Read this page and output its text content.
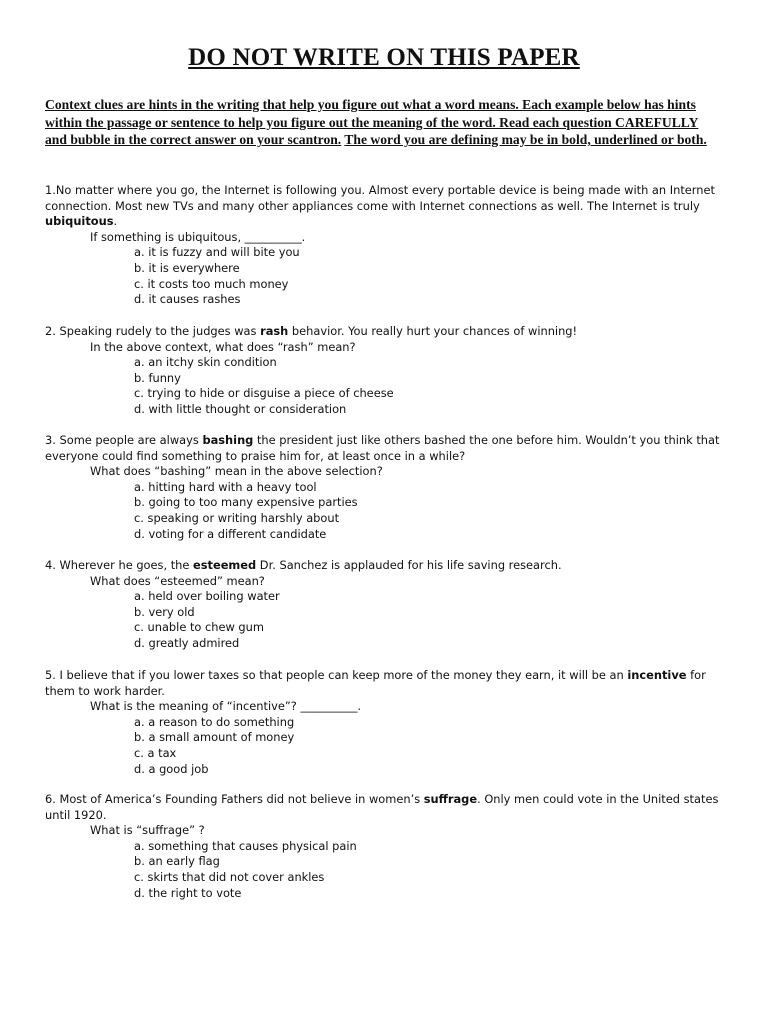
DO NOT WRITE ON THIS PAPER

Context clues are hints in the writing that help you figure out what a word means. Each example below has hints within the passage or sentence to help you figure out the meaning of the word. Read each question CAREFULLY and bubble in the correct answer on your scantron. The word you are defining may be in bold, underlined or both.

1.No matter where you go, the Internet is following you. Almost every portable device is being made with an Internet connection. Most new TVs and many other appliances come with Internet connections as well. The Internet is truly ubiquitous.

If something is ubiquitous, __________.

a. it is fuzzy and will bite you

b. it is everywhere

c. it costs too much money

d. it causes rashes

2. Speaking rudely to the judges was rash behavior. You really hurt your chances of winning!

In the above context, what does “rash” mean?

a. an itchy skin condition

b. funny

c. trying to hide or disguise a piece of cheese

d. with little thought or consideration

3. Some people are always bashing the president just like others bashed the one before him. Wouldn’t you think that everyone could find something to praise him for, at least once in a while?

What does “bashing” mean in the above selection?

a. hitting hard with a heavy tool

b. going to too many expensive parties

c. speaking or writing harshly about

d. voting for a different candidate

4. Wherever he goes, the esteemed Dr. Sanchez is applauded for his life saving research.

What does “esteemed” mean?

a. held over boiling water

b. very old

c. unable to chew gum

d. greatly admired

5. I believe that if you lower taxes so that people can keep more of the money they earn, it will be an incentive for them to work harder.

What is the meaning of “incentive”? __________.

a. a reason to do something

b. a small amount of money

c. a tax

d. a good job

6. Most of America’s Founding Fathers did not believe in women’s suffrage. Only men could vote in the United states until 1920.

What is “suffrage” ?

a. something that causes physical pain

b. an early flag

c. skirts that did not cover ankles

d. the right to vote
